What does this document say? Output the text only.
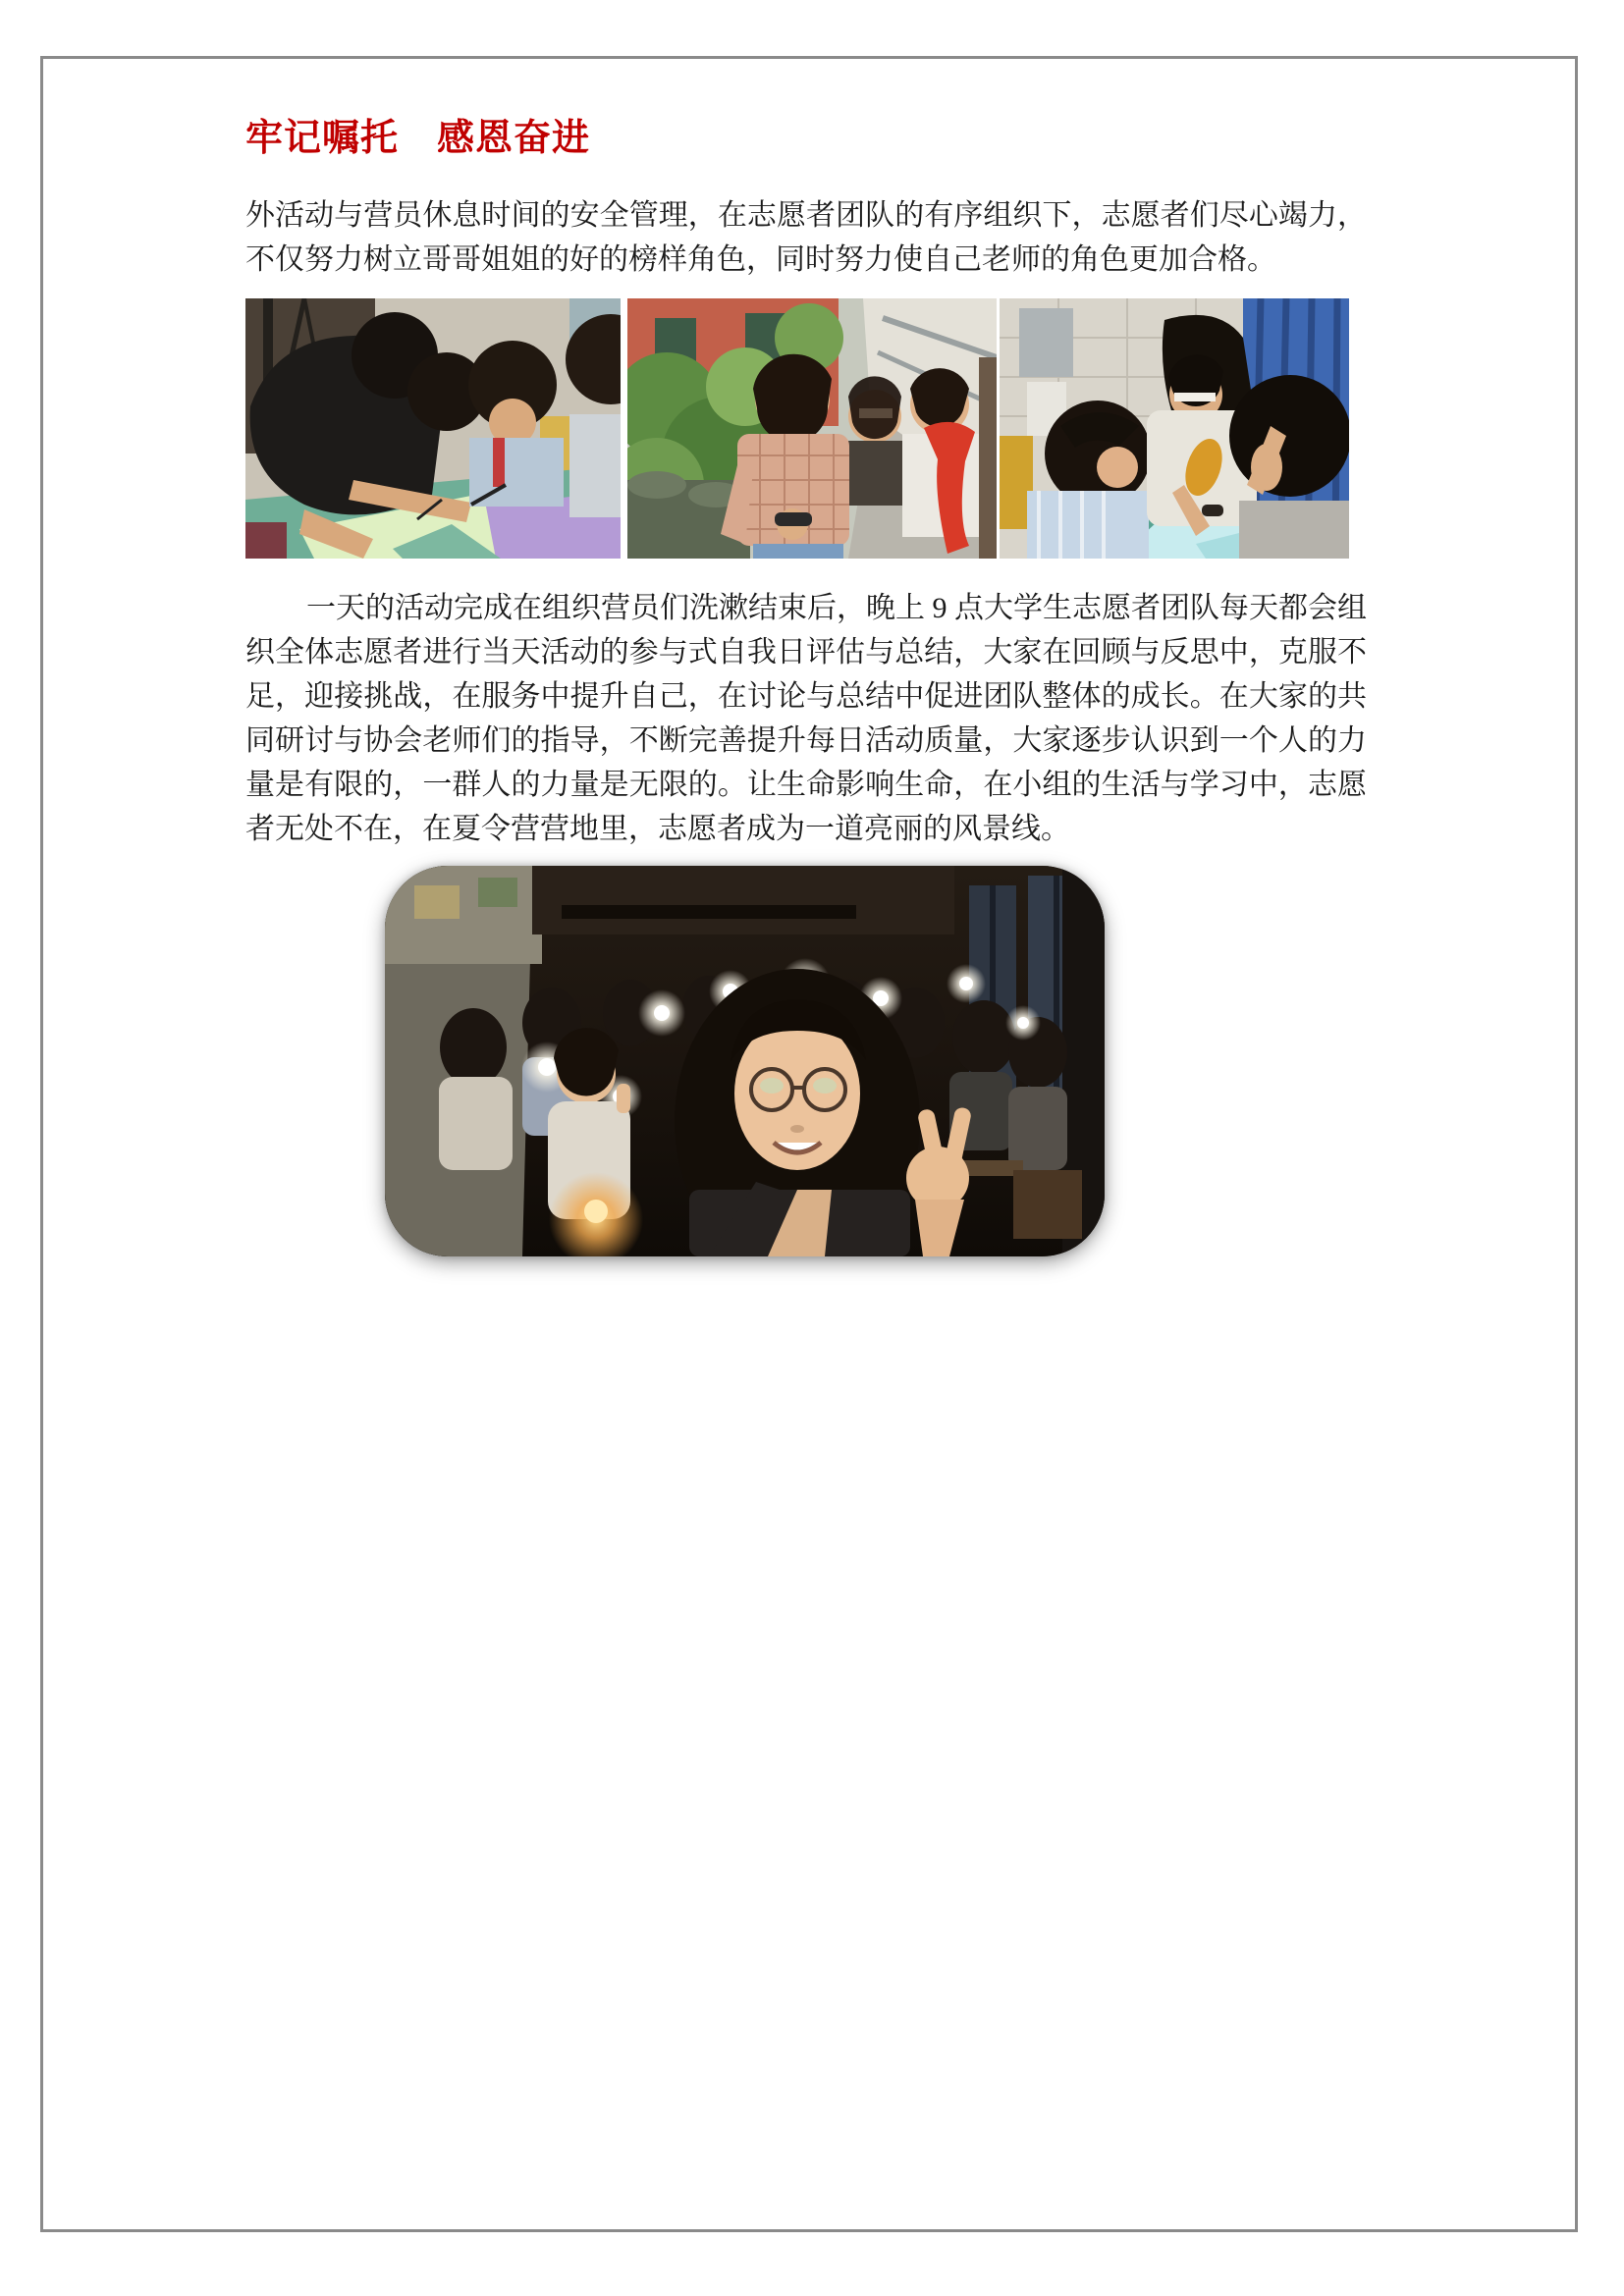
牢记嘱托　感恩奋进

外活动与营员休息时间的安全管理，在志愿者团队的有序组织下，志愿者们尽心竭力，不仅努力树立哥哥姐姐的好的榜样角色，同时努力使自己老师的角色更加合格。

一天的活动完成在组织营员们洗漱结束后，晚上 9 点大学生志愿者团队每天都会组织全体志愿者进行当天活动的参与式自我日评估与总结，大家在回顾与反思中，克服不足，迎接挑战，在服务中提升自己，在讨论与总结中促进团队整体的成长。在大家的共同研讨与协会老师们的指导，不断完善提升每日活动质量，大家逐步认识到一个人的力量是有限的，一群人的力量是无限的。让生命影响生命，在小组的生活与学习中，志愿者无处不在，在夏令营营地里，志愿者成为一道亮丽的风景线。
